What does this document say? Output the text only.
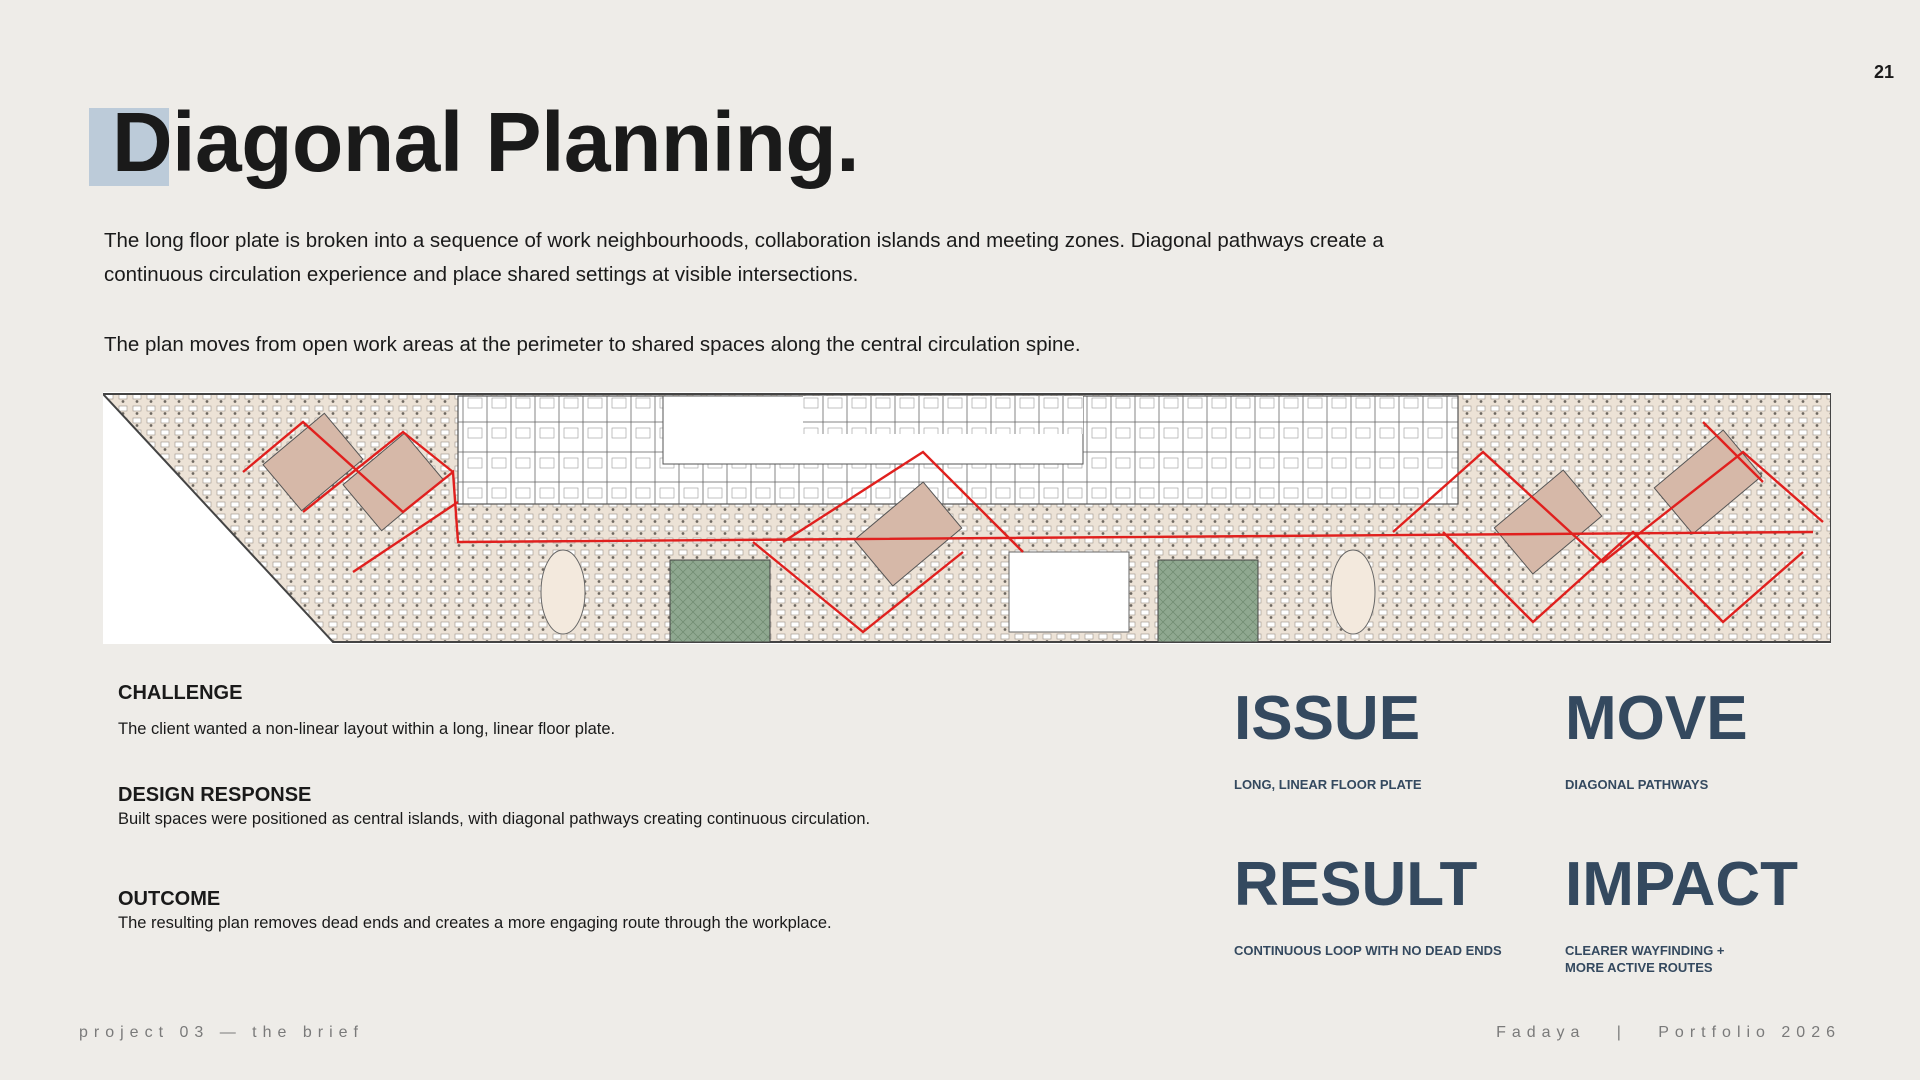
21
Diagonal Planning.

The long floor plate is broken into a sequence of work neighbourhoods, collaboration islands and meeting zones. Diagonal pathways create a continuous circulation experience and place shared settings at visible intersections.

The plan moves from open work areas at the perimeter to shared spaces along the central circulation spine.

CHALLENGE

The client wanted a non-linear layout within a long, linear floor plate.

DESIGN RESPONSE

Built spaces were positioned as central islands, with diagonal pathways creating continuous circulation.

OUTCOME

The resulting plan removes dead ends and creates a more engaging route through the workplace.

ISSUE
LONG, LINEAR FLOOR PLATE
MOVE
DIAGONAL PATHWAYS
RESULT
CONTINUOUS LOOP WITH NO DEAD ENDS
IMPACT
CLEARER WAYFINDING +
MORE ACTIVE ROUTES
project 03 — the brief	Fadaya   |   Portfolio 2026
